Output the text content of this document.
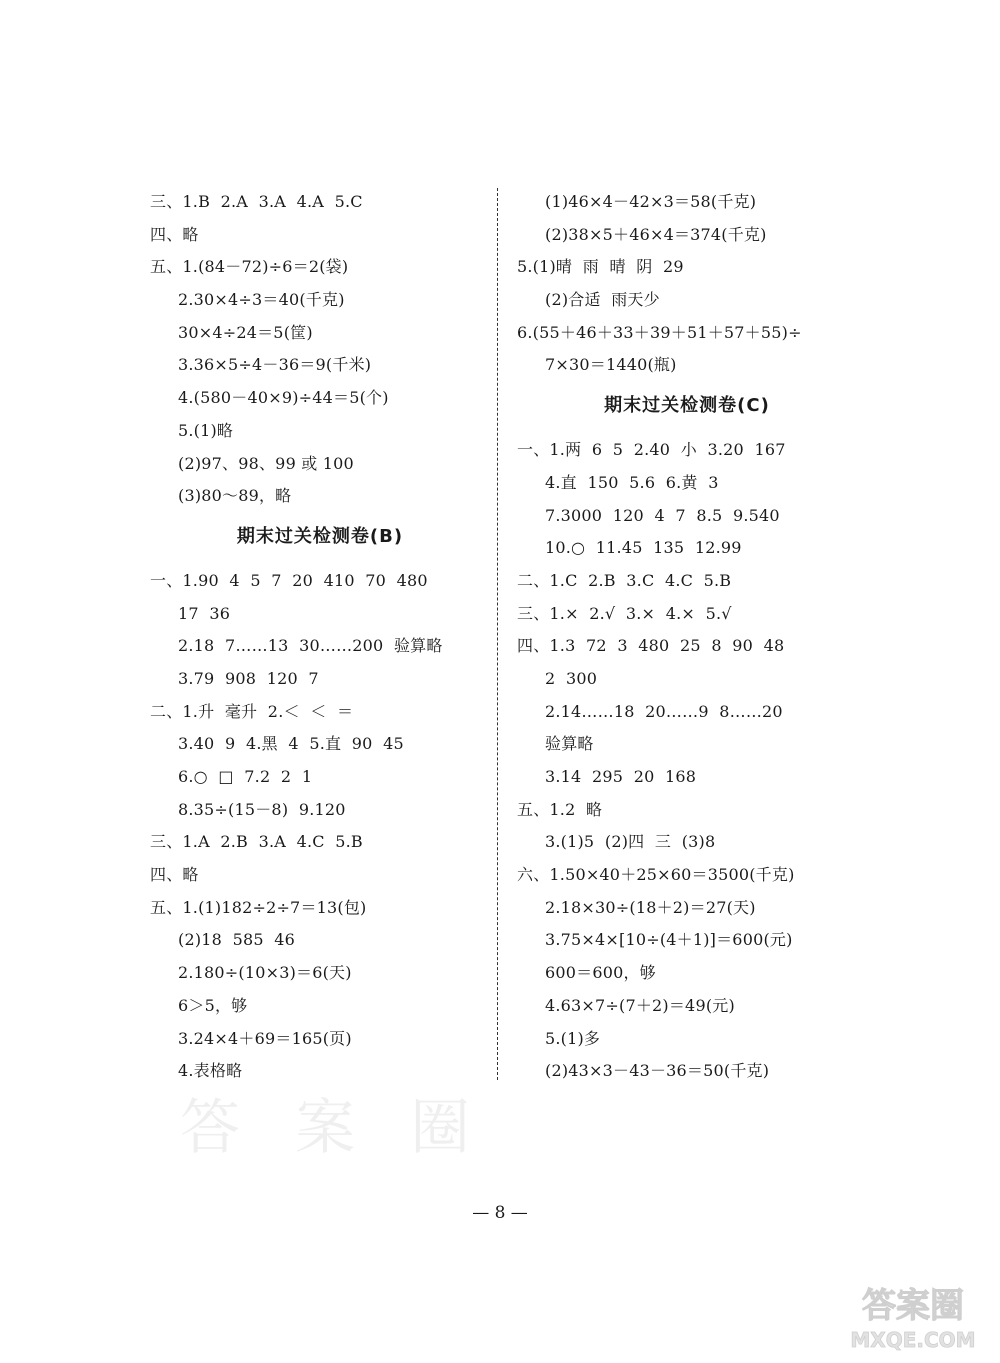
三、1.B  2.A  3.A  4.A  5.C
四、略
五、1.(84－72)÷6＝2(袋)
2.30×4÷3＝40(千克)
30×4÷24＝5(筐)
3.36×5÷4－36＝9(千米)
4.(580－40×9)÷44＝5(个)
5.(1)略
(2)97、98、99 或 100
(3)80～89，略
期末过关检测卷(B)
一、1.90  4  5  7  20  410  70  480
17  36
2.18  7……13  30……200  验算略
3.79  908  120  7
二、1.升  毫升  2.＜  ＜  ＝
3.40  9  4.黑  4  5.直  90  45
6.○  □  7.2  2  1
8.35÷(15－8)  9.120
三、1.A  2.B  3.A  4.C  5.B
四、略
五、1.(1)182÷2÷7＝13(包)
(2)18  585  46
2.180÷(10×3)＝6(天)
6＞5，够
3.24×4＋69＝165(页)
4.表格略
(1)46×4－42×3＝58(千克)
(2)38×5＋46×4＝374(千克)
5.(1)晴  雨  晴  阴  29
(2)合适  雨天少
6.(55＋46＋33＋39＋51＋57＋55)÷
7×30＝1440(瓶)
期末过关检测卷(C)
一、1.两  6  5  2.40  小  3.20  167
4.直  150  5.6  6.黄  3
7.3000  120  4  7  8.5  9.540
10.○  11.45  135  12.99
二、1.C  2.B  3.C  4.C  5.B
三、1.×  2.√  3.×  4.×  5.√
四、1.3  72  3  480  25  8  90  48
2  300
2.14……18  20……9  8……20
验算略
3.14  295  20  168
五、1.2  略
3.(1)5  (2)四  三  (3)8
六、1.50×40＋25×60＝3500(千克)
2.18×30÷(18＋2)＝27(天)
3.75×4×[10÷(4＋1)]＝600(元)
600＝600，够
4.63×7÷(7＋2)＝49(元)
5.(1)多
(2)43×3－43－36＝50(千克)
答 案 圈
— 8 —
答案圈
MXQE.COM
